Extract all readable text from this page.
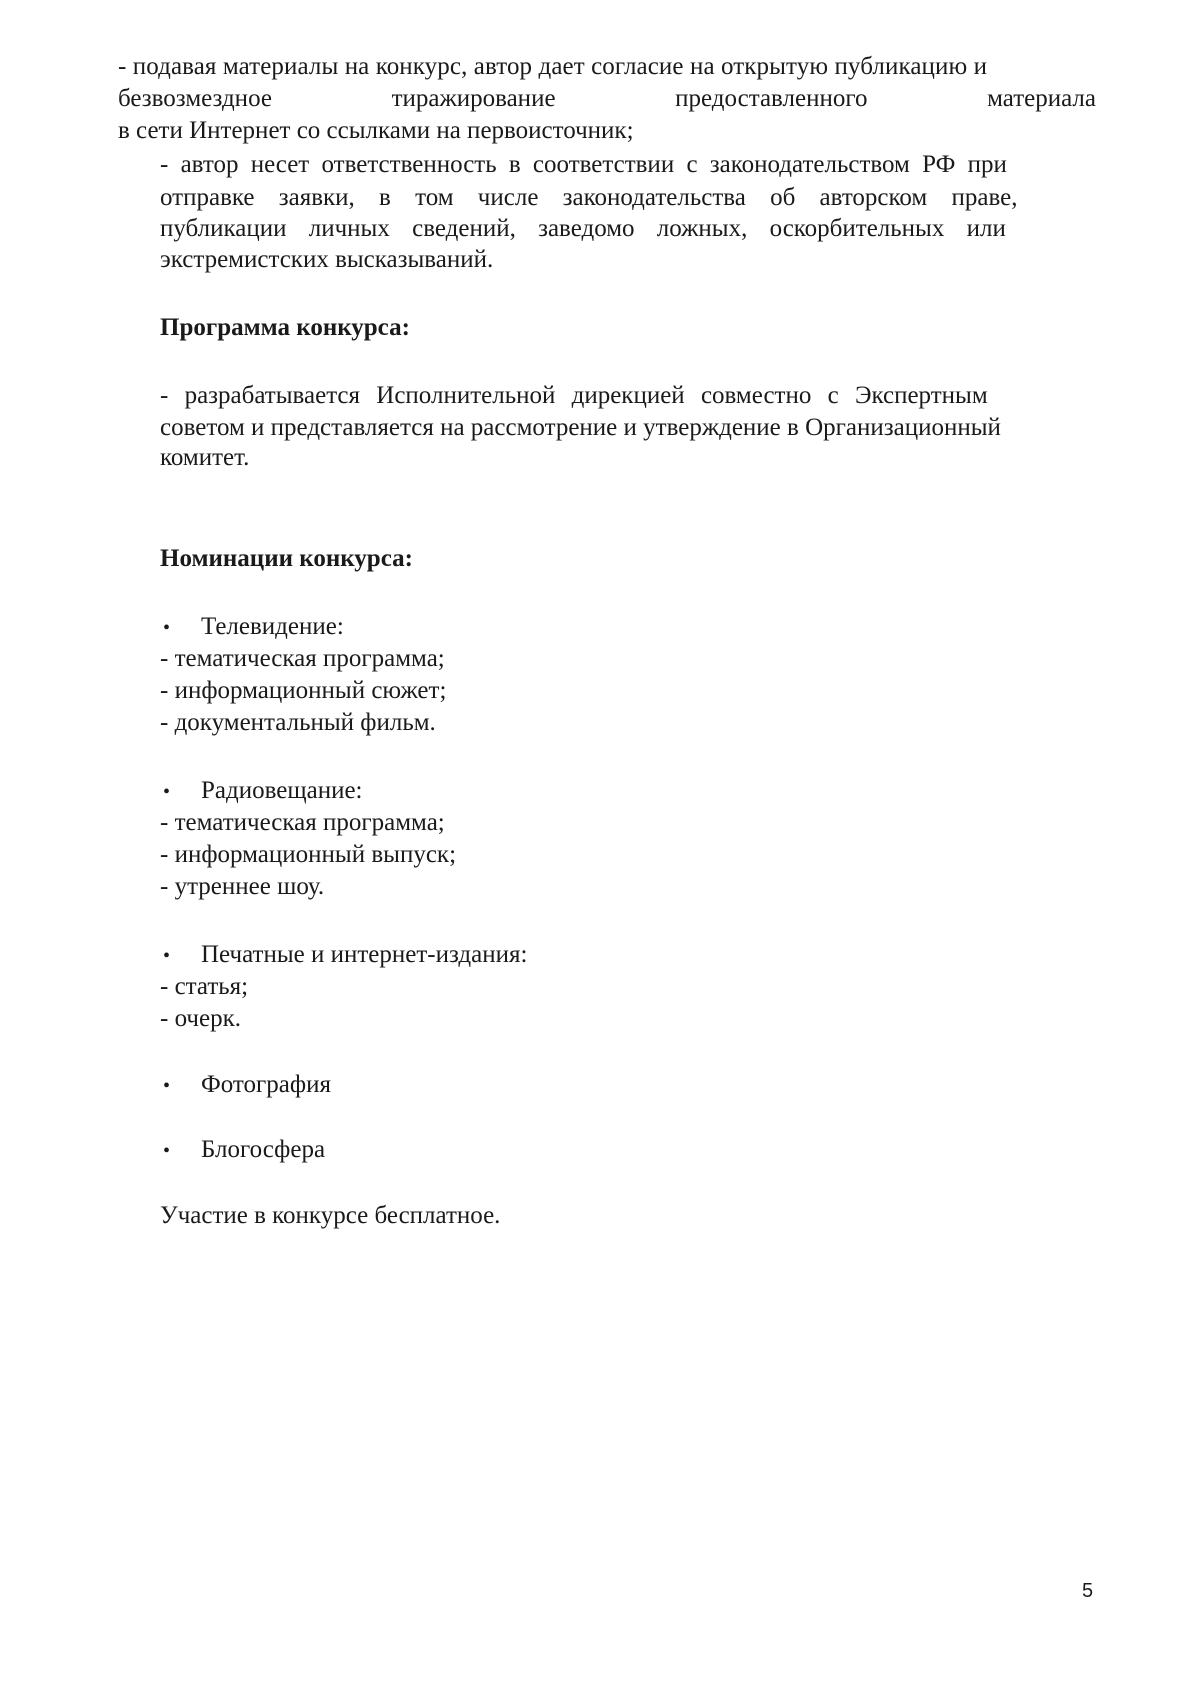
- подавая материалы на конкурс, автор дает согласие на открытую публикацию и
безвозмездное	тиражирование	предоставленного	материала
в сети Интернет со ссылками на первоисточник;
- автор несет ответственность в соответствии с законодательством РФ при
отправке заявки, в том числе законодательства об авторском праве,
публикации личных сведений, заведомо ложных, оскорбительных или
экстремистских высказываний.
Программа конкурса:
- разрабатывается Исполнительной дирекцией совместно с Экспертным
советом и представляется на рассмотрение и утверждение в Организационный
комитет.
Номинации конкурса:
• Телевидение:
- тематическая программа;
- информационный сюжет;
- документальный фильм.
• Радиовещание:
- тематическая программа;
- информационный выпуск;
- утреннее шоу.
• Печатные и интернет-издания:
- статья;
- очерк.
• Фотография
• Блогосфера
Участие в конкурсе бесплатное.
5
